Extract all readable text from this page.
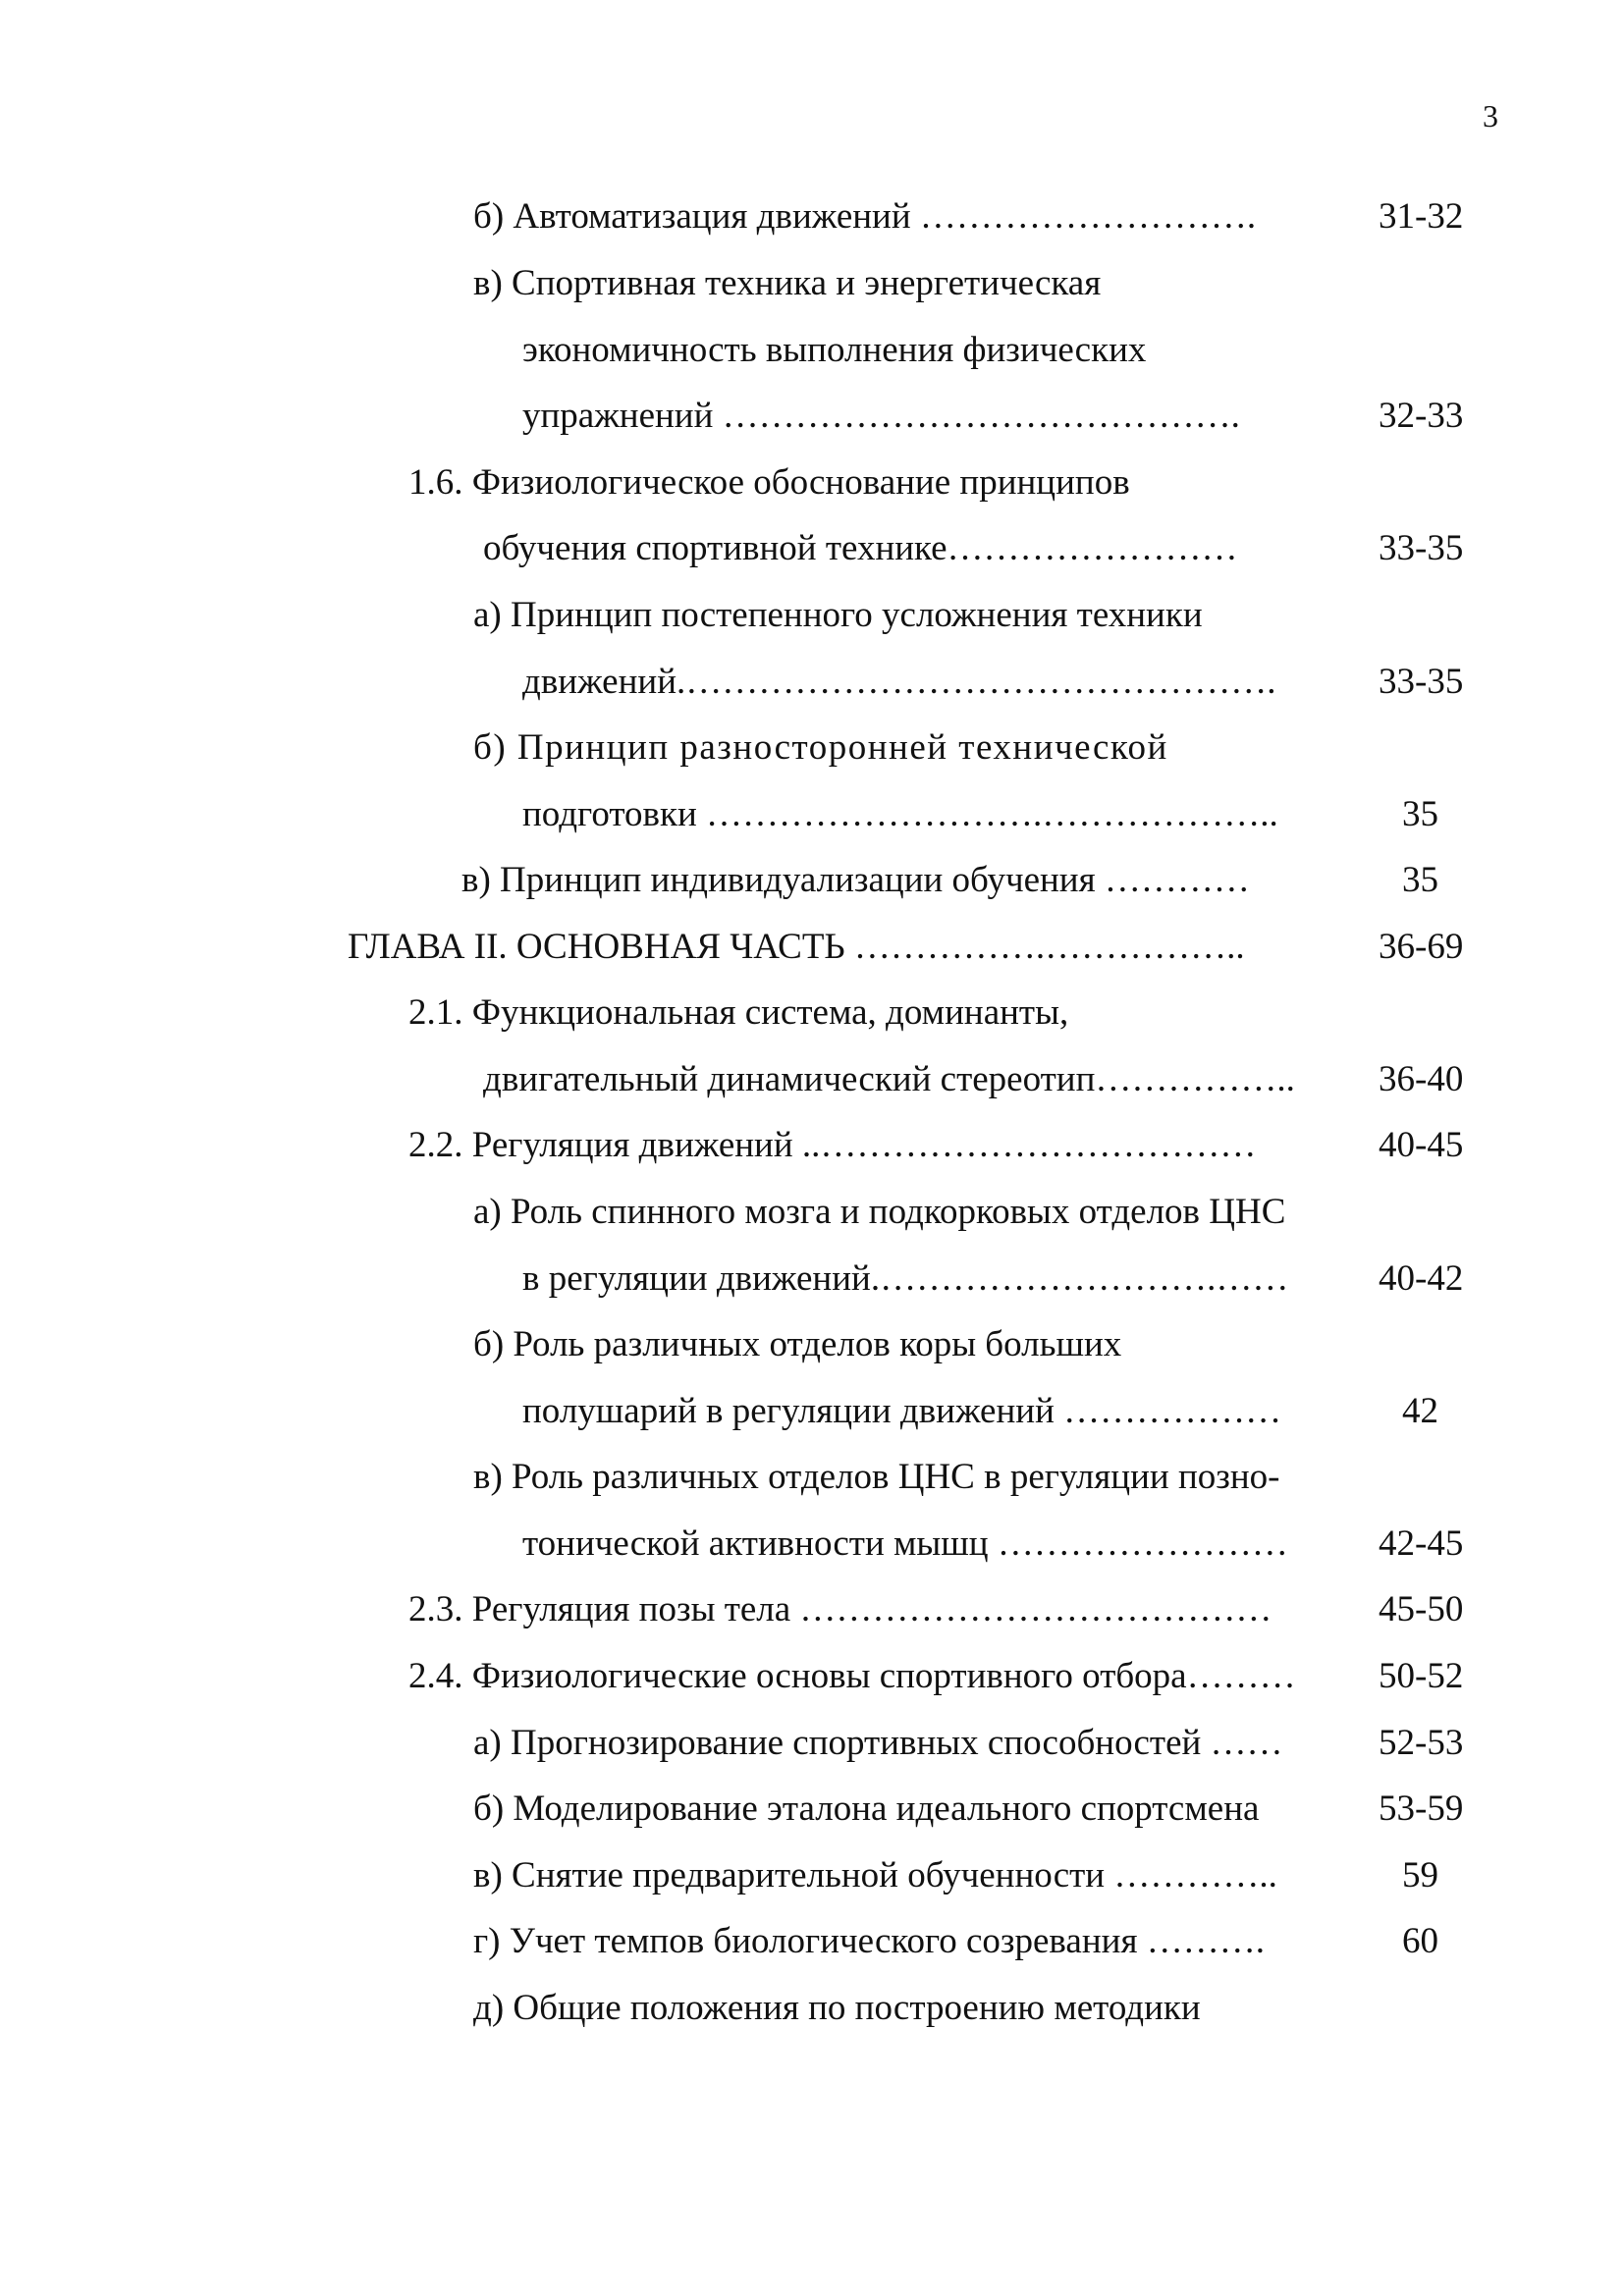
3
б) Автоматизация движений ……………………….	31-32
в) Спортивная техника и энергетическая
экономичность выполнения физических
упражнений …………………………………….	32-33
1.6. Физиологическое обоснование принципов
обучения спортивной технике……………………	33-35
а) Принцип постепенного усложнения техники
движений.………………………………………….	33-35
б) Принцип разносторонней технической
подготовки ……………………….………………..	35
в) Принцип индивидуализации обучения …………	35
ГЛАВА II. ОСНОВНАЯ ЧАСТЬ …………….……………..	36-69
2.1. Функциональная система, доминанты,
двигательный динамический стереотип…………….. 36-40
2.2. Регуляция движений ..………………………………	40-45
а) Роль спинного мозга и подкорковых отделов ЦНС
в регуляции движений.……………………….…… 40-42
б) Роль различных отделов коры больших
полушарий в регуляции движений ………………	42
в) Роль различных отделов ЦНС в регуляции позно-
тонической активности мышц …………………… 42-45
2.3. Регуляция позы тела …………………………………	45-50
2.4. Физиологические основы спортивного отбора……… 50-52
а) Прогнозирование спортивных способностей ……	52-53
б) Моделирование эталона идеального спортсмена	53-59
в) Снятие предварительной обученности …………..	59
г) Учет темпов биологического созревания ……….	60
д) Общие положения по построению методики
